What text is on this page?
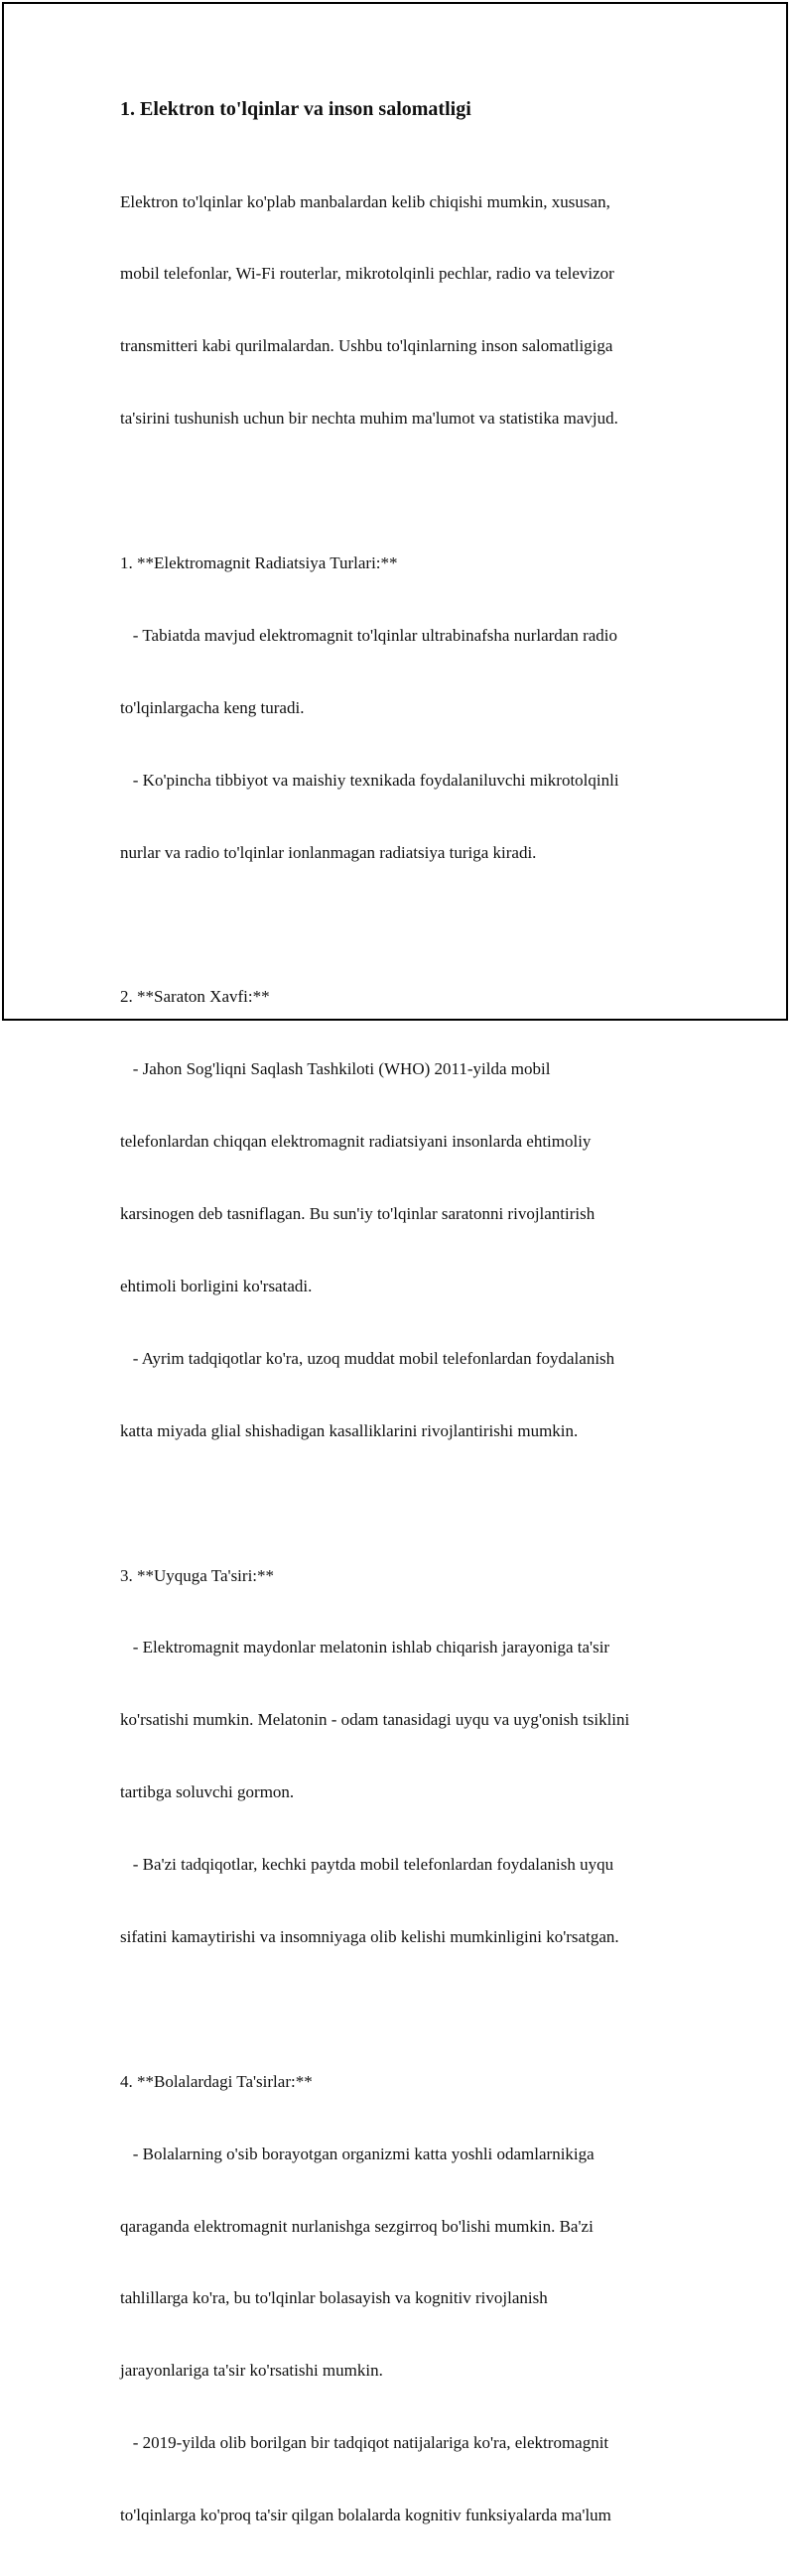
1. Elektron to'lqinlar va inson salomatligi

Elektron to'lqinlar ko'plab manbalardan kelib chiqishi mumkin, xususan,

mobil telefonlar, Wi-Fi routerlar, mikrotolqinli pechlar, radio va televizor

transmitteri kabi qurilmalardan. Ushbu to'lqinlarning inson salomatligiga

ta'sirini tushunish uchun bir nechta muhim ma'lumot va statistika mavjud.

1. **Elektromagnit Radiatsiya Turlari:**

- Tabiatda mavjud elektromagnit to'lqinlar ultrabinafsha nurlardan radio

to'lqinlargacha keng turadi.

- Ko'pincha tibbiyot va maishiy texnikada foydalaniluvchi mikrotolqinli

nurlar va radio to'lqinlar ionlanmagan radiatsiya turiga kiradi.

2. **Saraton Xavfi:**

- Jahon Sog'liqni Saqlash Tashkiloti (WHO) 2011-yilda mobil

telefonlardan chiqqan elektromagnit radiatsiyani insonlarda ehtimoliy

karsinogen deb tasniflagan. Bu sun'iy to'lqinlar saratonni rivojlantirish

ehtimoli borligini ko'rsatadi.

- Ayrim tadqiqotlar ko'ra, uzoq muddat mobil telefonlardan foydalanish

katta miyada glial shishadigan kasalliklarini rivojlantirishi mumkin.

3. **Uyquga Ta'siri:**

- Elektromagnit maydonlar melatonin ishlab chiqarish jarayoniga ta'sir

ko'rsatishi mumkin. Melatonin - odam tanasidagi uyqu va uyg'onish tsiklini

tartibga soluvchi gormon.

- Ba'zi tadqiqotlar, kechki paytda mobil telefonlardan foydalanish uyqu

sifatini kamaytirishi va insomniyaga olib kelishi mumkinligini ko'rsatgan.

4. **Bolalardagi Ta'sirlar:**

- Bolalarning o'sib borayotgan organizmi katta yoshli odamlarnikiga

qaraganda elektromagnit nurlanishga sezgirroq bo'lishi mumkin. Ba'zi

tahlillarga ko'ra, bu to'lqinlar bolasayish va kognitiv rivojlanish

jarayonlariga ta'sir ko'rsatishi mumkin.

- 2019-yilda olib borilgan bir tadqiqot natijalariga ko'ra, elektromagnit

to'lqinlarga ko'proq ta'sir qilgan bolalarda kognitiv funksiyalarda ma'lum
